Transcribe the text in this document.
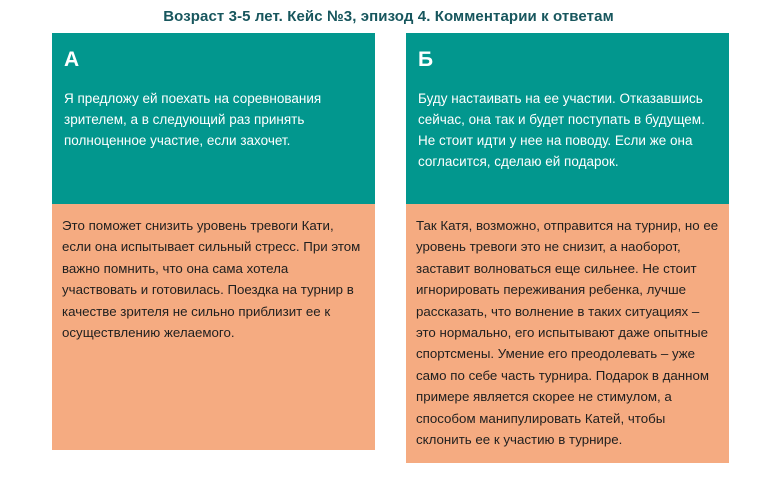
Возраст 3-5 лет. Кейс №3, эпизод 4. Комментарии к ответам
А
Я предложу ей поехать на соревнования зрителем, а в следующий раз принять полноценное участие, если захочет.
Это поможет снизить уровень тревоги Кати, если она испытывает сильный стресс. При этом важно помнить, что она сама хотела участвовать и готовилась. Поездка на турнир в качестве зрителя не сильно приблизит ее к осуществлению желаемого.
Б
Буду настаивать на ее участии. Отказавшись сейчас, она так и будет поступать в будущем. Не стоит идти у нее на поводу. Если же она согласится, сделаю ей подарок.
Так Катя, возможно, отправится на турнир, но ее уровень тревоги это не снизит, а наоборот, заставит волноваться еще сильнее. Не стоит игнорировать переживания ребенка, лучше рассказать, что волнение в таких ситуациях – это нормально, его испытывают даже опытные спортсмены. Умение его преодолевать – уже само по себе часть турнира. Подарок в данном примере является скорее не стимулом, а способом манипулировать Катей, чтобы склонить ее к участию в турнире.
